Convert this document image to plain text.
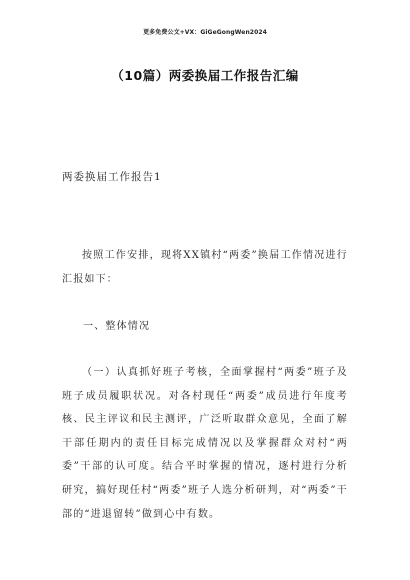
更多免费公文+VX：GiGeGongWen2024
（10篇）两委换届工作报告汇编
两委换届工作报告1

按照工作安排，现将XX镇村“两委”换届工作情况进行汇报如下：

一、整体情况

（一）认真抓好班子考核，全面掌握村“两委”班子及班子成员履职状况。对各村现任“两委”成员进行年度考核、民主评议和民主测评，广泛听取群众意见，全面了解干部任期内的责任目标完成情况以及掌握群众对村“两委”干部的认可度。结合平时掌握的情况，逐村进行分析研究，搞好现任村“两委”班子人选分析研判，对“两委”干部的“进退留转”做到心中有数。
